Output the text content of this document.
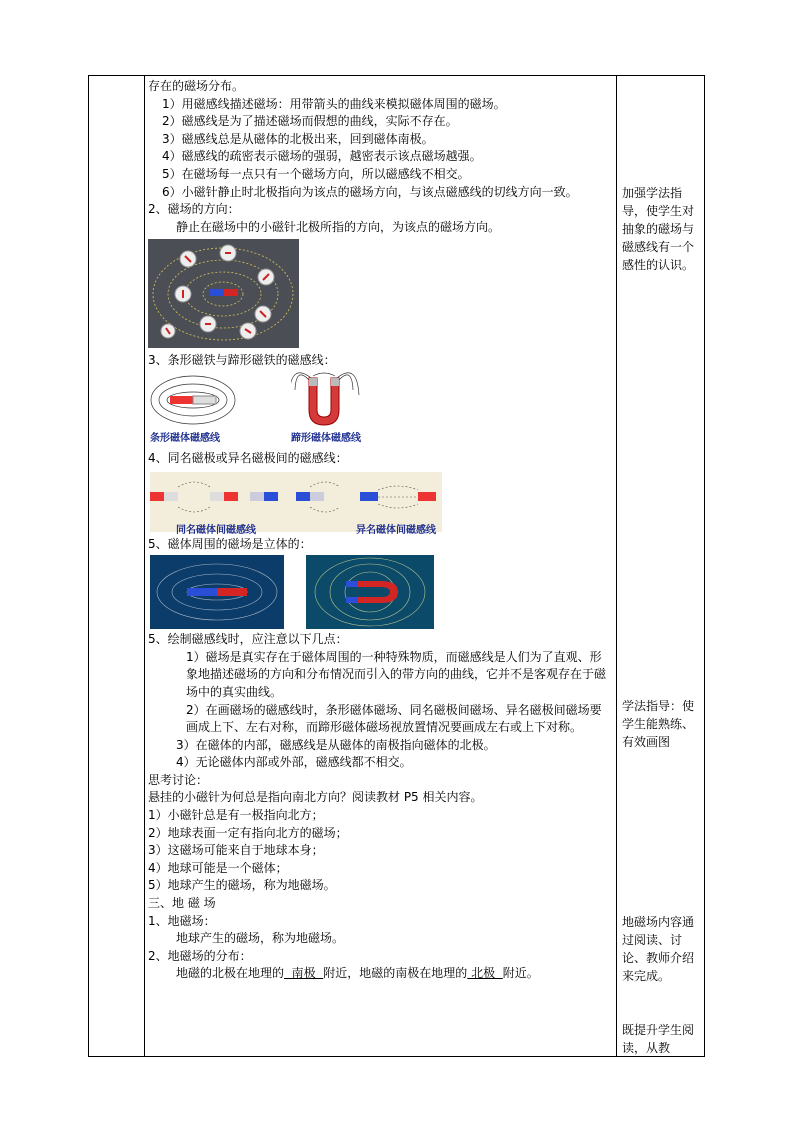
存在的磁场分布。

1）用磁感线描述磁场：用带箭头的曲线来模拟磁体周围的磁场。

2）磁感线是为了描述磁场而假想的曲线，实际不存在。

3）磁感线总是从磁体的北极出来，回到磁体南极。

4）磁感线的疏密表示磁场的强弱，越密表示该点磁场越强。

5）在磁场每一点只有一个磁场方向，所以磁感线不相交。

6）小磁针静止时北极指向为该点的磁场方向，与该点磁感线的切线方向一致。

2、磁场的方向：

静止在磁场中的小磁针北极所指的方向，为该点的磁场方向。

3、条形磁铁与蹄形磁铁的磁感线：

条形磁体磁感线	蹄形磁体磁感线

4、同名磁极或异名磁极间的磁感线：

同名磁体间磁感线	异名磁体间磁感线

5、磁体周围的磁场是立体的：

5、绘制磁感线时，应注意以下几点：

1）磁场是真实存在于磁体周围的一种特殊物质，而磁感线是人们为了直观、形象地描述磁场的方向和分布情况而引入的带方向的曲线，它并不是客观存在于磁场中的真实曲线。

2）在画磁场的磁感线时，条形磁体磁场、同名磁极间磁场、异名磁极间磁场要画成上下、左右对称，而蹄形磁体磁场视放置情况要画成左右或上下对称。

3）在磁体的内部，磁感线是从磁体的南极指向磁体的北极。

4）无论磁体内部或外部，磁感线都不相交。

思考讨论：

悬挂的小磁针为何总是指向南北方向？阅读教材 P5 相关内容。

1）小磁针总是有一极指向北方；

2）地球表面一定有指向北方的磁场；

3）这磁场可能来自于地球本身；

4）地球可能是一个磁体；

5）地球产生的磁场，称为地磁场。

三、地 磁 场

1、地磁场：

地球产生的磁场，称为地磁场。

2、地磁场的分布：

地磁的北极在地理的  南极  附近，地磁的南极在地理的 北极  附近。

加强学法指导，使学生对抽象的磁场与磁感线有一个感性的认识。
学法指导：使学生能熟练、有效画图
地磁场内容通过阅读、讨论、教师介绍来完成。
既提升学生阅读，从教
